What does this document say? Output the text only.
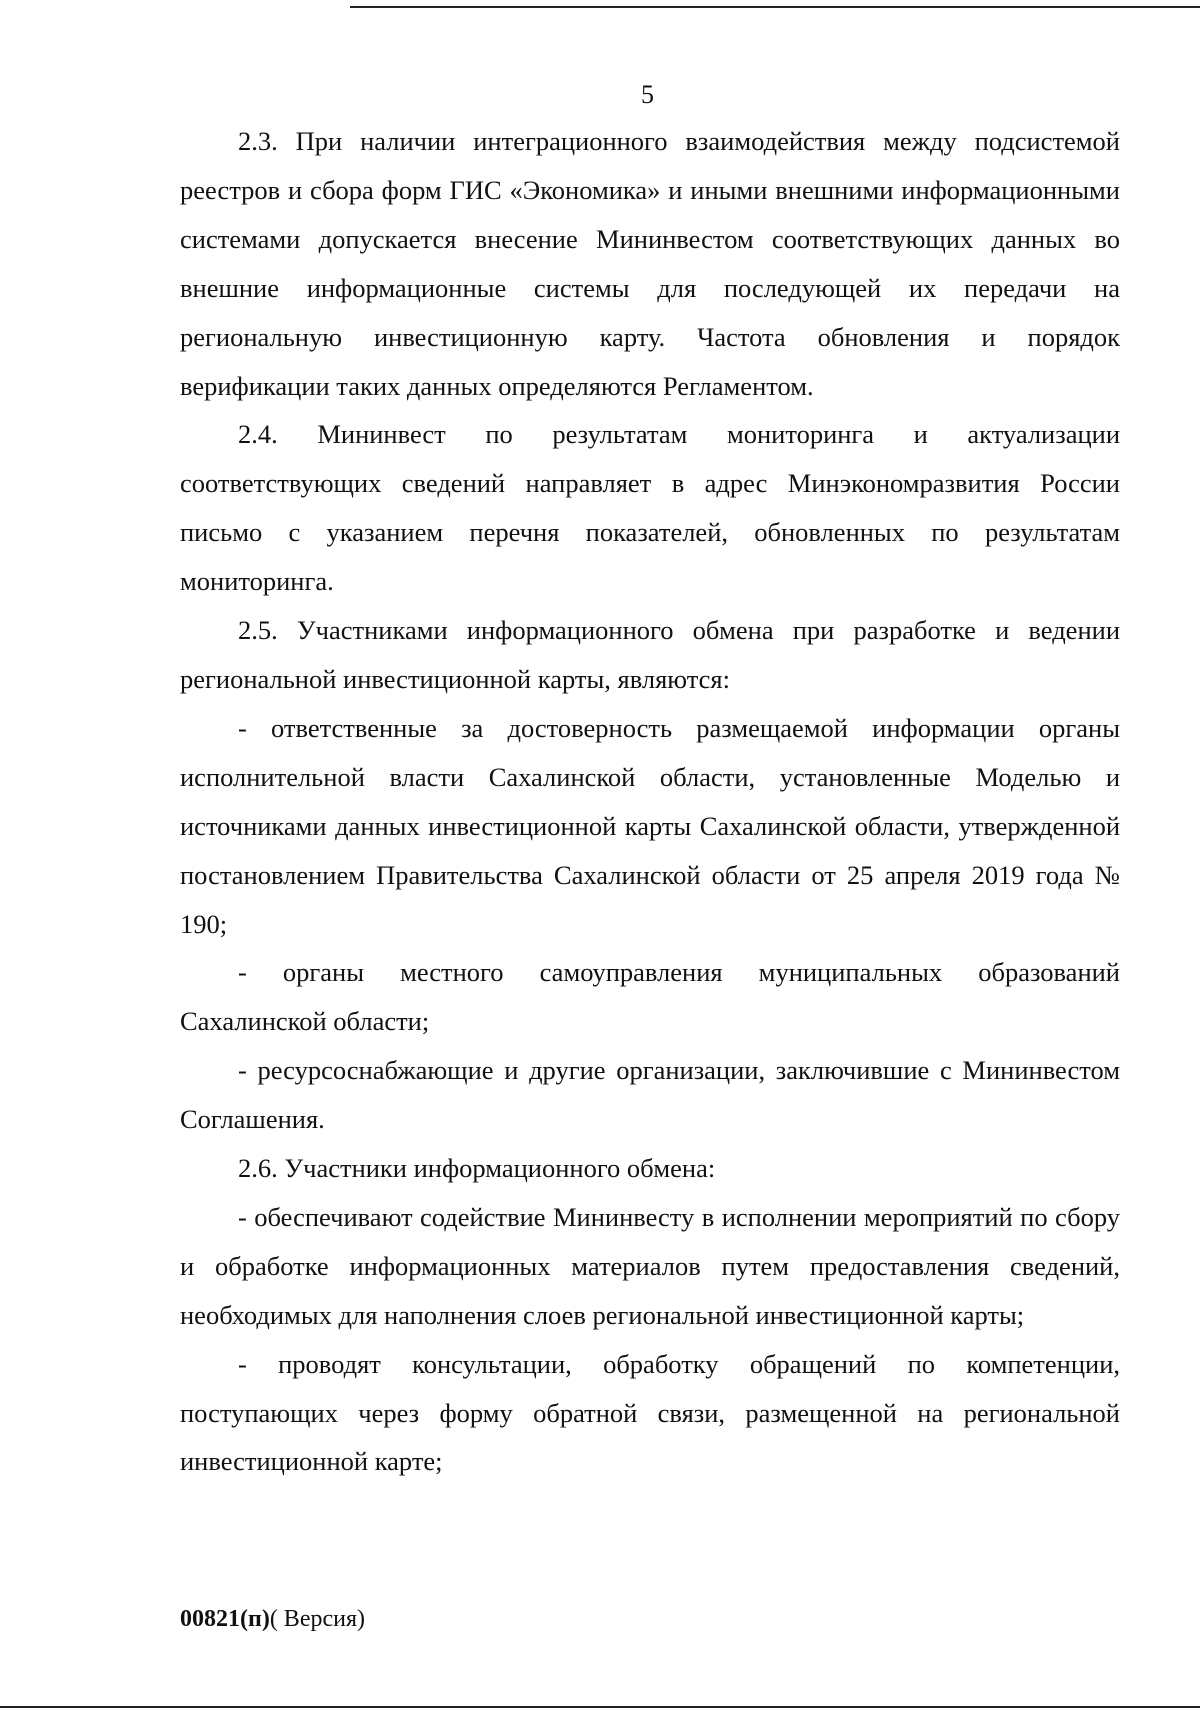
5

2.3. При наличии интеграционного взаимодействия между подсистемой реестров и сбора форм ГИС «Экономика» и иными внешними информационными системами допускается внесение Мининвестом соответствующих данных во внешние информационные системы для последующей их передачи на региональную инвестиционную карту. Частота обновления и порядок верификации таких данных определяются Регламентом.

2.4. Мининвест по результатам мониторинга и актуализации соответствующих сведений направляет в адрес Минэкономразвития России письмо с указанием перечня показателей, обновленных по результатам мониторинга.

2.5. Участниками информационного обмена при разработке и ведении региональной инвестиционной карты, являются:

- ответственные за достоверность размещаемой информации органы исполнительной власти Сахалинской области, установленные Моделью и источниками данных инвестиционной карты Сахалинской области, утвержденной постановлением Правительства Сахалинской области от 25 апреля 2019 года № 190;

- органы местного самоуправления муниципальных образований Сахалинской области;

- ресурсоснабжающие и другие организации, заключившие с Мининвестом Соглашения.

2.6. Участники информационного обмена:

- обеспечивают содействие Мининвесту в исполнении мероприятий по сбору и обработке информационных материалов путем предоставления сведений, необходимых для наполнения слоев региональной инвестиционной карты;

- проводят консультации, обработку обращений по компетенции, поступающих через форму обратной связи, размещенной на региональной инвестиционной карте;

00821(п)( Версия)
